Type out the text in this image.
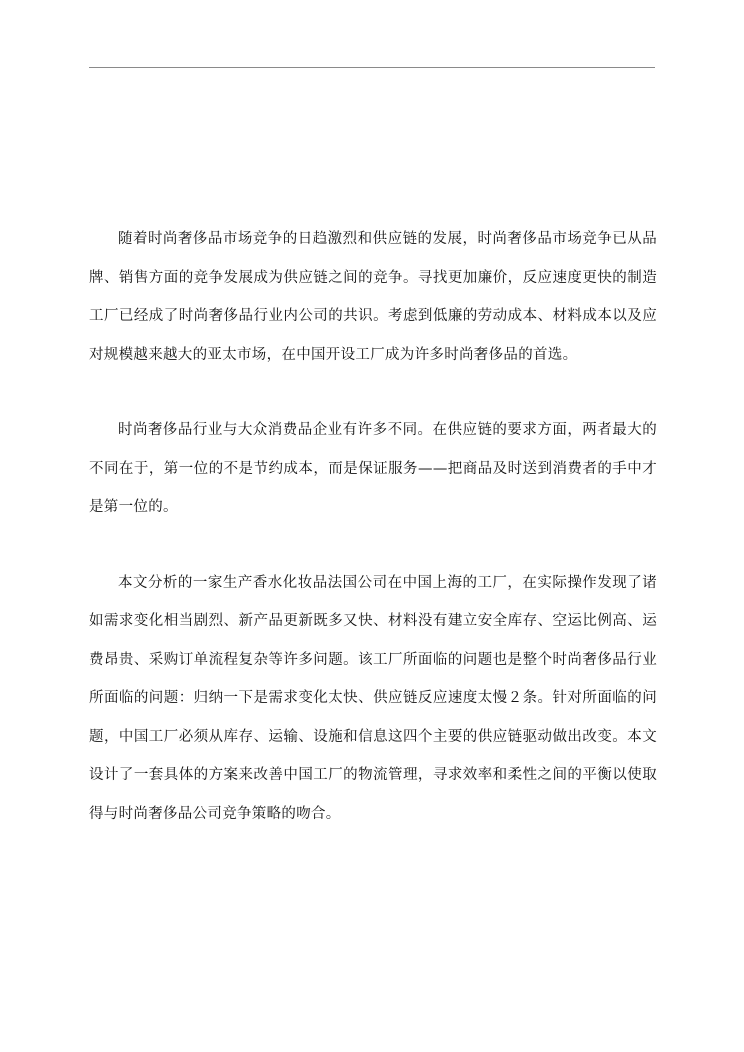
随着时尚奢侈品市场竞争的日趋激烈和供应链的发展，时尚奢侈品市场竞争已从品牌、销售方面的竞争发展成为供应链之间的竞争。寻找更加廉价，反应速度更快的制造工厂已经成了时尚奢侈品行业内公司的共识。考虑到低廉的劳动成本、材料成本以及应对规模越来越大的亚太市场，在中国开设工厂成为许多时尚奢侈品的首选。

时尚奢侈品行业与大众消费品企业有许多不同。在供应链的要求方面，两者最大的不同在于，第一位的不是节约成本，而是保证服务——把商品及时送到消费者的手中才是第一位的。

本文分析的一家生产香水化妆品法国公司在中国上海的工厂，在实际操作发现了诸如需求变化相当剧烈、新产品更新既多又快、材料没有建立安全库存、空运比例高、运费昂贵、采购订单流程复杂等许多问题。该工厂所面临的问题也是整个时尚奢侈品行业所面临的问题：归纳一下是需求变化太快、供应链反应速度太慢２条。针对所面临的问题，中国工厂必须从库存、运输、设施和信息这四个主要的供应链驱动做出改变。本文设计了一套具体的方案来改善中国工厂的物流管理，寻求效率和柔性之间的平衡以使取得与时尚奢侈品公司竞争策略的吻合。
